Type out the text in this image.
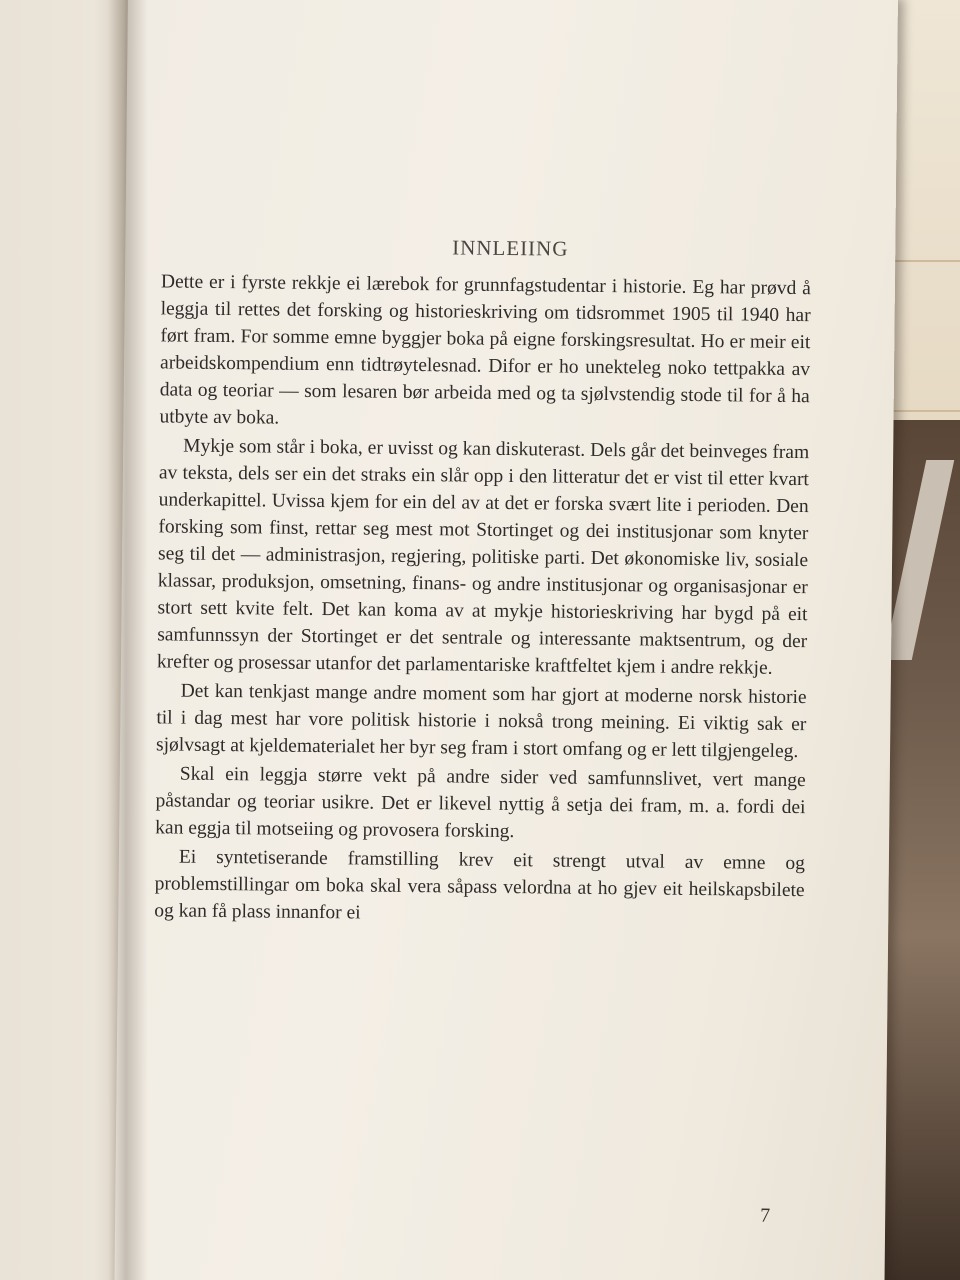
INNLEIING

Dette er i fyrste rekkje ei lærebok for grunnfagstudentar i historie. Eg har prøvd å leggja til rettes det forsking og historieskriving om tidsrommet 1905 til 1940 har ført fram. For somme emne byggjer boka på eigne forskingsresultat. Ho er meir eit arbeidskompendium enn tidtrøytelesnad. Difor er ho unekteleg noko tettpakka av data og teoriar — som lesaren bør arbeida med og ta sjølvstendig stode til for å ha utbyte av boka.

Mykje som står i boka, er uvisst og kan diskuterast. Dels går det beinveges fram av teksta, dels ser ein det straks ein slår opp i den litteratur det er vist til etter kvart underkapittel. Uvissa kjem for ein del av at det er forska svært lite i perioden. Den forsking som finst, rettar seg mest mot Stortinget og dei institusjonar som knyter seg til det — administrasjon, regjering, politiske parti. Det økonomiske liv, sosiale klassar, produksjon, omsetning, finans- og andre institusjonar og organisasjonar er stort sett kvite felt. Det kan koma av at mykje historieskriving har bygd på eit samfunnssyn der Stortinget er det sentrale og interessante maktsentrum, og der krefter og prosessar utanfor det parlamentariske kraftfeltet kjem i andre rekkje.

Det kan tenkjast mange andre moment som har gjort at moderne norsk historie til i dag mest har vore politisk historie i nokså trong meining. Ei viktig sak er sjølvsagt at kjeldematerialet her byr seg fram i stort omfang og er lett tilgjengeleg.

Skal ein leggja større vekt på andre sider ved samfunnslivet, vert mange påstandar og teoriar usikre. Det er likevel nyttig å setja dei fram, m. a. fordi dei kan eggja til motseiing og provosera forsking.

Ei syntetiserande framstilling krev eit strengt utval av emne og problemstillingar om boka skal vera såpass velordna at ho gjev eit heilskapsbilete og kan få plass innanfor ei

7
